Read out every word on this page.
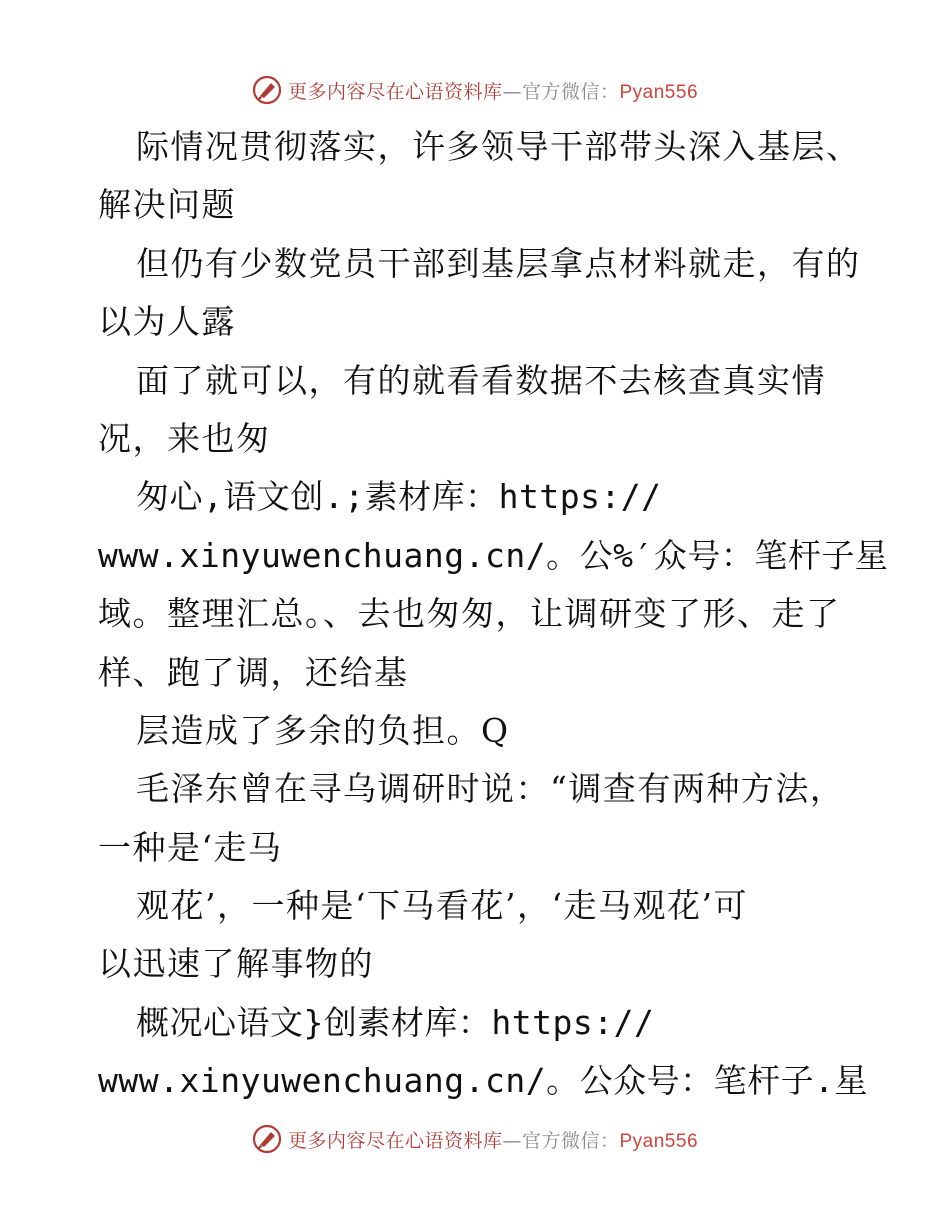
更多内容尽在心语资料库—官方微信：Pyan556
际情况贯彻落实，许多领导干部带头深入基层、
解决问题
但仍有少数党员干部到基层拿点材料就走，有的
以为人露
面了就可以，有的就看看数据不去核查真实情
况，来也匆
匆心,语文创.;素材库：https://
www.xinyuwenchuang.cn/。公%′众号：笔杆子星
域。整理汇总。、去也匆匆，让调研变了形、走了
样、跑了调，还给基
层造成了多余的负担。Q
毛泽东曾在寻乌调研时说：“调查有两种方法，
一种是‘走马
观花’，一种是‘下马看花’，‘走马观花’可
以迅速了解事物的
概况心语文}创素材库：https://
www.xinyuwenchuang.cn/。公众号：笔杆子.星
更多内容尽在心语资料库—官方微信：Pyan556
